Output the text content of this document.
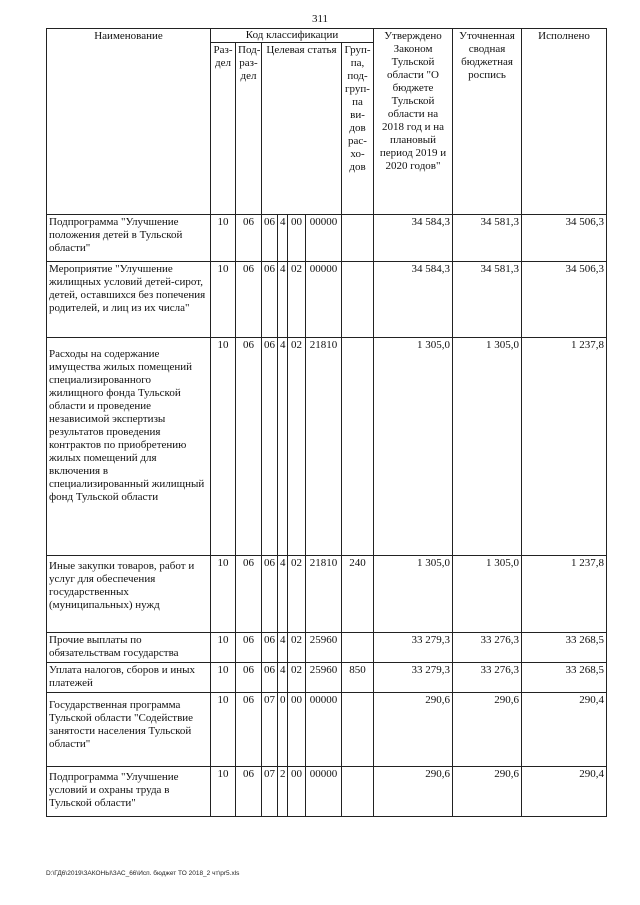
311
Наименование	Код классификации							Утверждено Законом Тульской области "О бюджете Тульской области на 2018 год и на плановый период 2019 и 2020 годов"	Уточненная сводная бюджетная роспись	Исполнено
	Раз-дел	Под-раз-дел	Целевая статья				Груп-па, под-груп-па ви-дов рас-хо-дов			
Подпрограмма "Улучшение положения детей в Тульской области"	10	06	06	4	00	00000		34 584,3	34 581,3	34 506,3
Мероприятие "Улучшение жилищных условий детей-сирот, детей, оставшихся без попечения родителей, и лиц из их числа"	10	06	06	4	02	00000		34 584,3	34 581,3	34 506,3
Расходы на содержание имущества жилых помещений специализированного жилищного фонда Тульской области и проведение независимой экспертизы результатов проведения контрактов по приобретению жилых помещений для включения в специализированный жилищный фонд Тульской области	10	06	06	4	02	21810		1 305,0	1 305,0	1 237,8
Иные закупки товаров, работ и услуг для обеспечения государственных (муниципальных) нужд	10	06	06	4	02	21810	240	1 305,0	1 305,0	1 237,8
Прочие выплаты по обязательствам государства	10	06	06	4	02	25960		33 279,3	33 276,3	33 268,5
Уплата налогов, сборов и иных платежей	10	06	06	4	02	25960	850	33 279,3	33 276,3	33 268,5
Государственная программа Тульской области "Содействие занятости населения Тульской области"	10	06	07	0	00	00000		290,6	290,6	290,4
Подпрограмма "Улучшение условий и охраны труда в Тульской области"	10	06	07	2	00	00000		290,6	290,6	290,4
D:\ГД6\2019\ЗАКОНЫ\ЗАС_66\Исп. бюджет ТО 2018_2 чт\pr5.xls
